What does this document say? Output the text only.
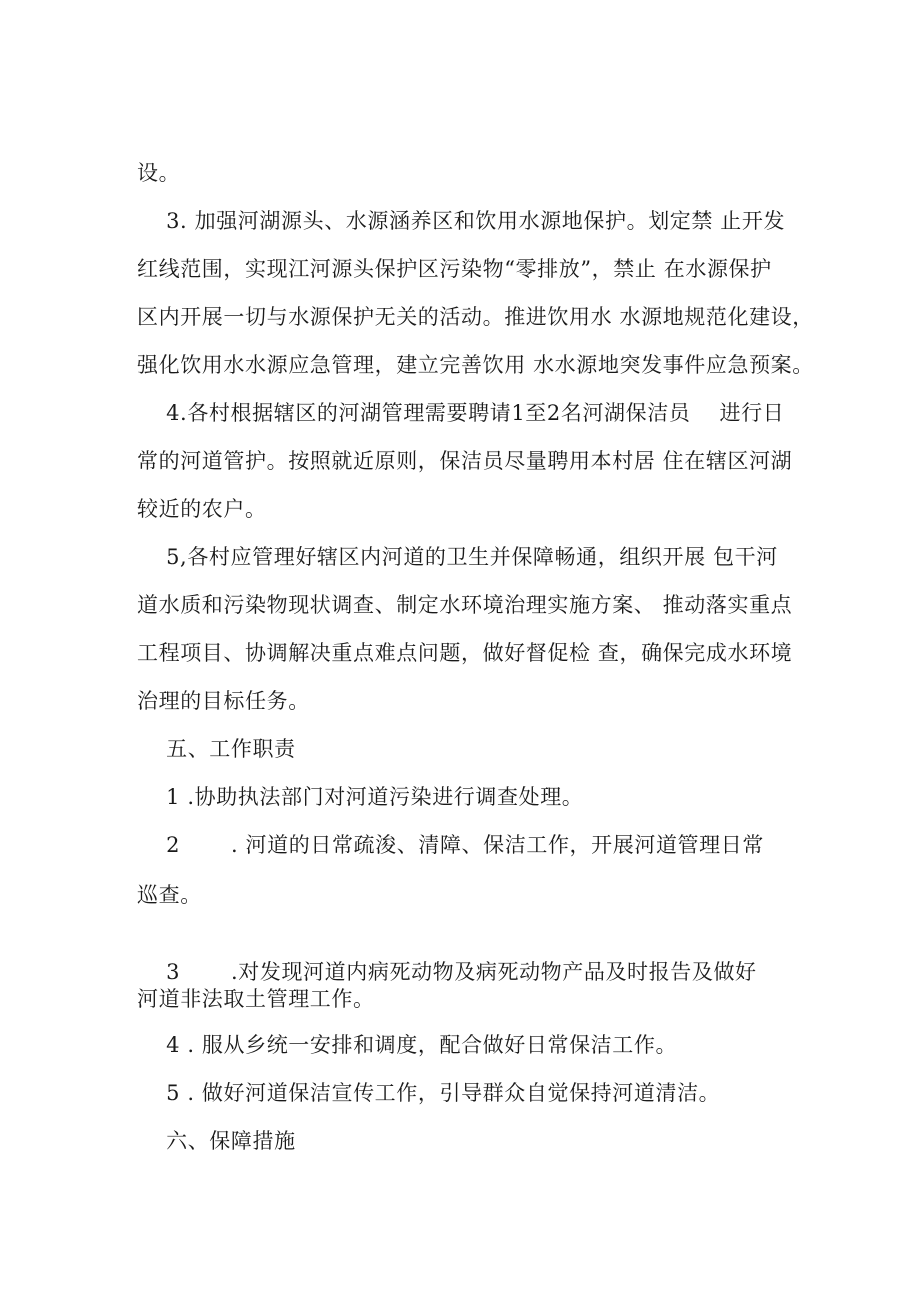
设。

3. 加强河湖源头、水源涵养区和饮用水源地保护。划定禁 止开发

红线范围，实现江河源头保护区污染物“零排放”，禁止 在水源保护

区内开展一切与水源保护无关的活动。推进饮用水 水源地规范化建设，

强化饮用水水源应急管理，建立完善饮用 水水源地突发事件应急预案。

4.各村根据辖区的河湖管理需要聘请1至2名河湖保洁员    进行日

常的河道管护。按照就近原则，保洁员尽量聘用本村居 住在辖区河湖

较近的农户。

5,各村应管理好辖区内河道的卫生并保障畅通，组织开展 包干河

道水质和污染物现状调查、制定水环境治理实施方案、 推动落实重点

工程项目、协调解决重点难点问题，做好督促检 查，确保完成水环境

治理的目标任务。

五、工作职责

1 .协助执法部门对河道污染进行调查处理。

2       . 河道的日常疏浚、清障、保洁工作，开展河道管理日常

巡查。

3       .对发现河道内病死动物及病死动物产品及时报告及做好

河道非法取土管理工作。

4 . 服从乡统一安排和调度，配合做好日常保洁工作。

5 . 做好河道保洁宣传工作，引导群众自觉保持河道清洁。

六、保障措施
